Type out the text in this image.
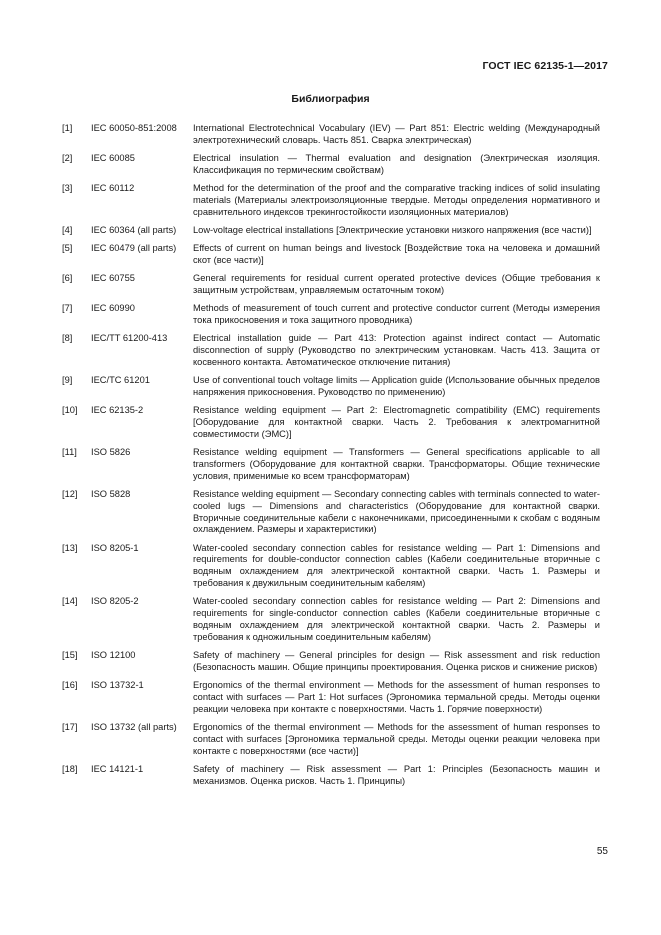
ГОСТ IEC 62135-1—2017
Библиография
[1]	IEC 60050-851:2008	International Electrotechnical Vocabulary (IEV) — Part 851: Electric welding (Международный электротехнический словарь. Часть 851. Сварка электрическая)
[2]	IEC 60085	Electrical insulation — Thermal evaluation and designation (Электрическая изоляция. Классификация по термическим свойствам)
[3]	IEC 60112	Method for the determination of the proof and the comparative tracking indices of solid insulating materials (Материалы электроизоляционные твердые. Методы определения нормативного и сравнительного индексов трекингостойкости изоляционных материалов)
[4]	IEC 60364 (all parts)	Low-voltage electrical installations [Электрические установки низкого напряжения (все части)]
[5]	IEC 60479 (all parts)	Effects of current on human beings and livestock [Воздействие тока на человека и домашний скот (все части)]
[6]	IEC 60755	General requirements for residual current operated protective devices (Общие требования к защитным устройствам, управляемым остаточным током)
[7]	IEC 60990	Methods of measurement of touch current and protective conductor current (Методы измерения тока прикосновения и тока защитного проводника)
[8]	IEC/TT 61200-413	Electrical installation guide — Part 413: Protection against indirect contact — Automatic disconnection of supply (Руководство по электрическим установкам. Часть 413. Защита от косвенного контакта. Автоматическое отключение питания)
[9]	IEC/TC 61201	Use of conventional touch voltage limits — Application guide (Использование обычных пределов напряжения прикосновения. Руководство по применению)
[10]	IEC 62135-2	Resistance welding equipment — Part 2: Electromagnetic compatibility (EMC) requirements [Оборудование для контактной сварки. Часть 2. Требования к электромагнитной совместимости (ЭМС)]
[11]	ISO 5826	Resistance welding equipment — Transformers — General specifications applicable to all transformers (Оборудование для контактной сварки. Трансформаторы. Общие технические условия, применимые ко всем трансформаторам)
[12]	ISO 5828	Resistance welding equipment — Secondary connecting cables with terminals connected to water-cooled lugs — Dimensions and characteristics (Оборудование для контактной сварки. Вторичные соединительные кабели с наконечниками, присоединенными к скобам с водяным охлаждением. Размеры и характеристики)
[13]	ISO 8205-1	Water-cooled secondary connection cables for resistance welding — Part 1: Dimensions and requirements for double-conductor connection cables (Кабели соединительные вторичные с водяным охлаждением для электрической контактной сварки. Часть 1. Размеры и требования к двужильным соединительным кабелям)
[14]	ISO 8205-2	Water-cooled secondary connection cables for resistance welding — Part 2: Dimensions and requirements for single-conductor connection cables (Кабели соединительные вторичные с водяным охлаждением для электрической контактной сварки. Часть 2. Размеры и требования к одножильным соединительным кабелям)
[15]	ISO 12100	Safety of machinery — General principles for design — Risk assessment and risk reduction (Безопасность машин. Общие принципы проектирования. Оценка рисков и снижение рисков)
[16]	ISO 13732-1	Ergonomics of the thermal environment — Methods for the assessment of human responses to contact with surfaces — Part 1: Hot surfaces (Эргономика термальной среды. Методы оценки реакции человека при контакте с поверхностями. Часть 1. Горячие поверхности)
[17]	ISO 13732 (all parts)	Ergonomics of the thermal environment — Methods for the assessment of human responses to contact with surfaces [Эргономика термальной среды. Методы оценки реакции человека при контакте с поверхностями (все части)]
[18]	IEC 14121-1	Safety of machinery — Risk assessment — Part 1: Principles (Безопасность машин и механизмов. Оценка рисков. Часть 1. Принципы)
55
